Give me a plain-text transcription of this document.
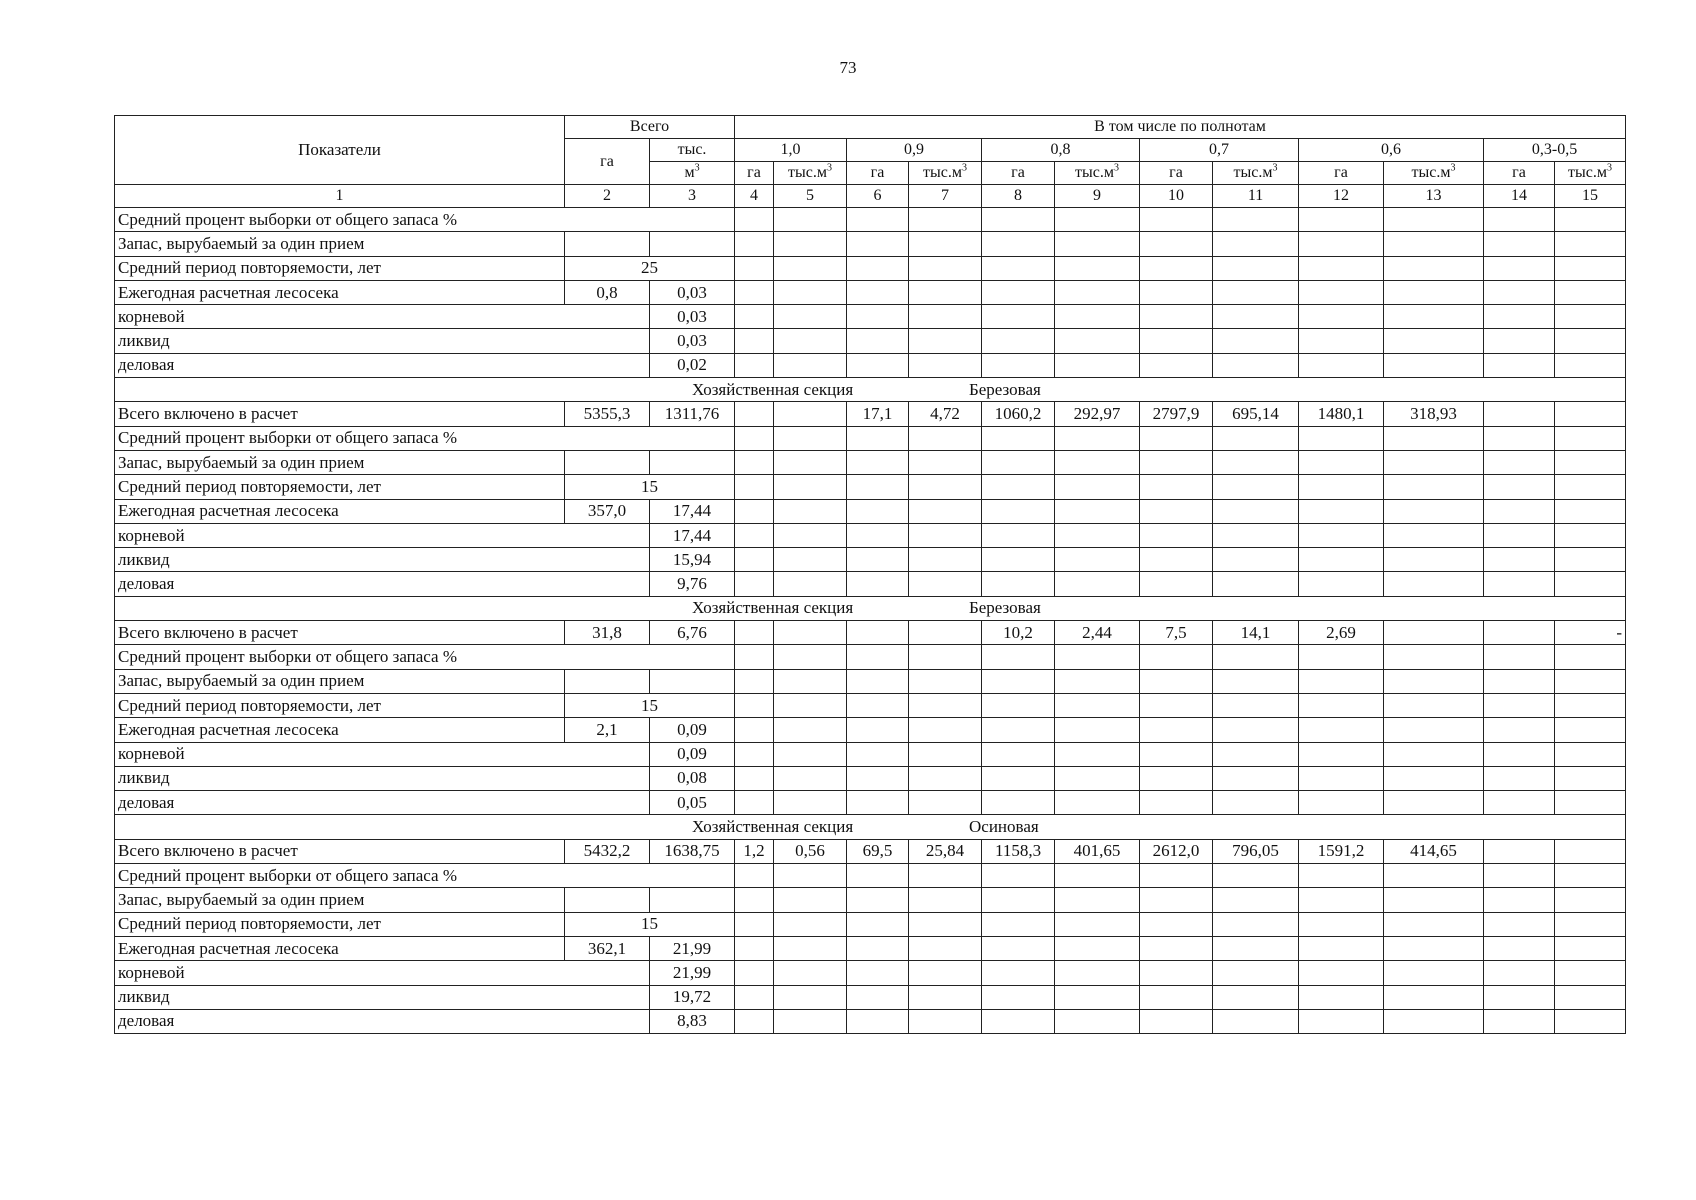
73
Показатели	Всего		В том числе по полнотам											
	га	тыс.	1,0		0,9		0,8		0,7		0,6		0,3-0,5	
		$м^3$	га	$тыс.м^3$	га	$тыс.м^3$	га	$тыс.м^3$	га	$тыс.м^3$	га	$тыс.м^3$	га	$тыс.м^3$
1	2	3	4	5	6	7	8	9	10	11	12	13	14	15
Средний процент выборки от общего запаса %														
Запас, вырубаемый за один прием														
Средний период повторяемости, лет	25													
Ежегодная расчетная лесосека	0,8	0,03												
корневой		0,03												
ликвид		0,03												
деловая		0,02												

Хозяйственная секция Березовая														

Всего включено в расчет	5355,3	1311,76			17,1	4,72	1060,2	292,97	2797,9	695,14	1480,1	318,93		
Средний процент выборки от общего запаса %														
Запас, вырубаемый за один прием														
Средний период повторяемости, лет	15													
Ежегодная расчетная лесосека	357,0	17,44												
корневой		17,44												
ликвид		15,94												
деловая		9,76												

Хозяйственная секция Березовая														

Всего включено в расчет	31,8	6,76					10,2	2,44	7,5	14,1	2,69			-
Средний процент выборки от общего запаса %														
Запас, вырубаемый за один прием														
Средний период повторяемости, лет	15													
Ежегодная расчетная лесосека	2,1	0,09												
корневой		0,09												
ликвид		0,08												
деловая		0,05												

Хозяйственная секция Осиновая														

Всего включено в расчет	5432,2	1638,75	1,2	0,56	69,5	25,84	1158,3	401,65	2612,0	796,05	1591,2	414,65		
Средний процент выборки от общего запаса %														
Запас, вырубаемый за один прием														
Средний период повторяемости, лет	15													
Ежегодная расчетная лесосека	362,1	21,99												
корневой		21,99												
ликвид		19,72												
деловая		8,83												
